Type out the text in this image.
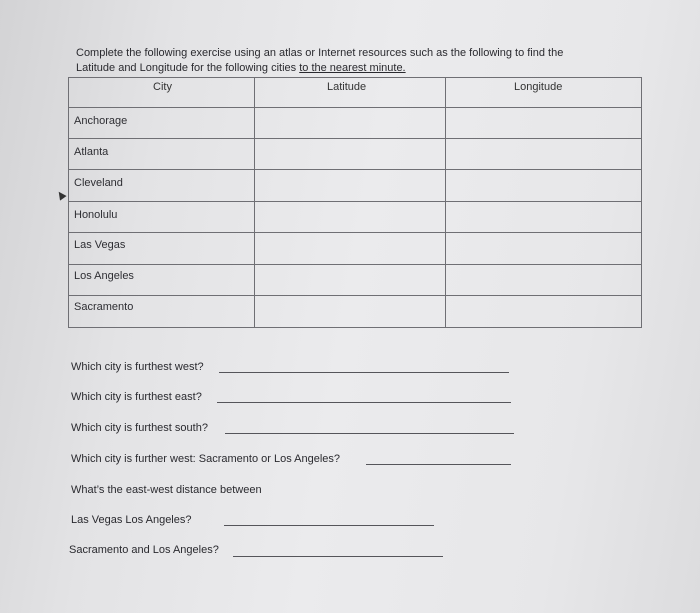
Complete the following exercise using an atlas or Internet resources such as the following to find the
Latitude and Longitude for the following cities to the nearest minute.
City	Latitude	Longitude
Anchorage
Atlanta
Cleveland
Honolulu
Las Vegas
Los Angeles
Sacramento
Which city is furthest west?
Which city is furthest east?
Which city is furthest south?
Which city is further west: Sacramento or Los Angeles?
What’s the east-west distance between
Las Vegas Los Angeles?
Sacramento and Los Angeles?
